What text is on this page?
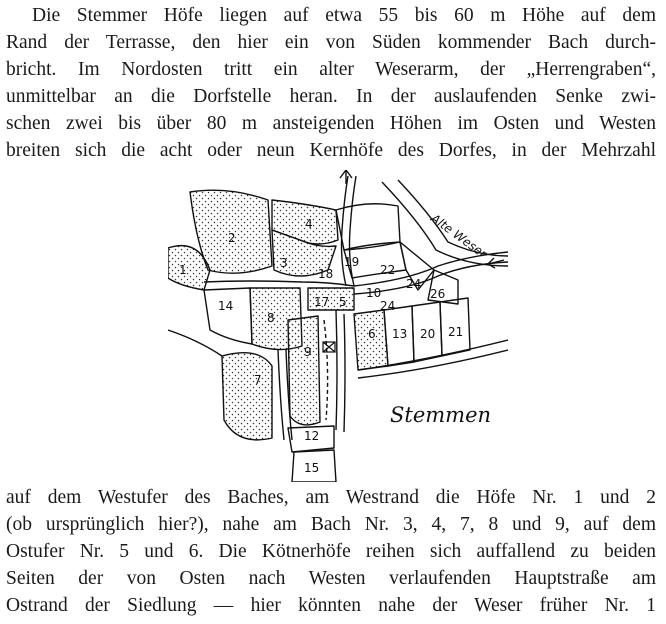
Die Stemmer Höfe liegen auf etwa 55 bis 60 m Höhe auf dem
Rand der Terrasse, den hier ein von Süden kommender Bach durch-
bricht. Im Nordosten tritt ein alter Weserarm, der „Herrengraben“,
unmittelbar an die Dorfstelle heran. In der auslaufenden Senke zwi-
schen zwei bis über 80 m ansteigenden Höhen im Osten und Westen
breiten sich die acht oder neun Kernhöfe des Dorfes, in der Mehrzahl

1
2
3
4
5
6
7
8
9
10
12
13
14
15
17
18
19
20 21
22
24
24
26
Alte Weser
Stemmen

auf dem Westufer des Baches, am Westrand die Höfe Nr. 1 und 2
(ob ursprünglich hier?), nahe am Bach Nr. 3, 4, 7, 8 und 9, auf dem
Ostufer Nr. 5 und 6. Die Kötnerhöfe reihen sich auffallend zu beiden
Seiten der von Osten nach Westen verlaufenden Hauptstraße am
Ostrand der Siedlung — hier könnten nahe der Weser früher Nr. 1
